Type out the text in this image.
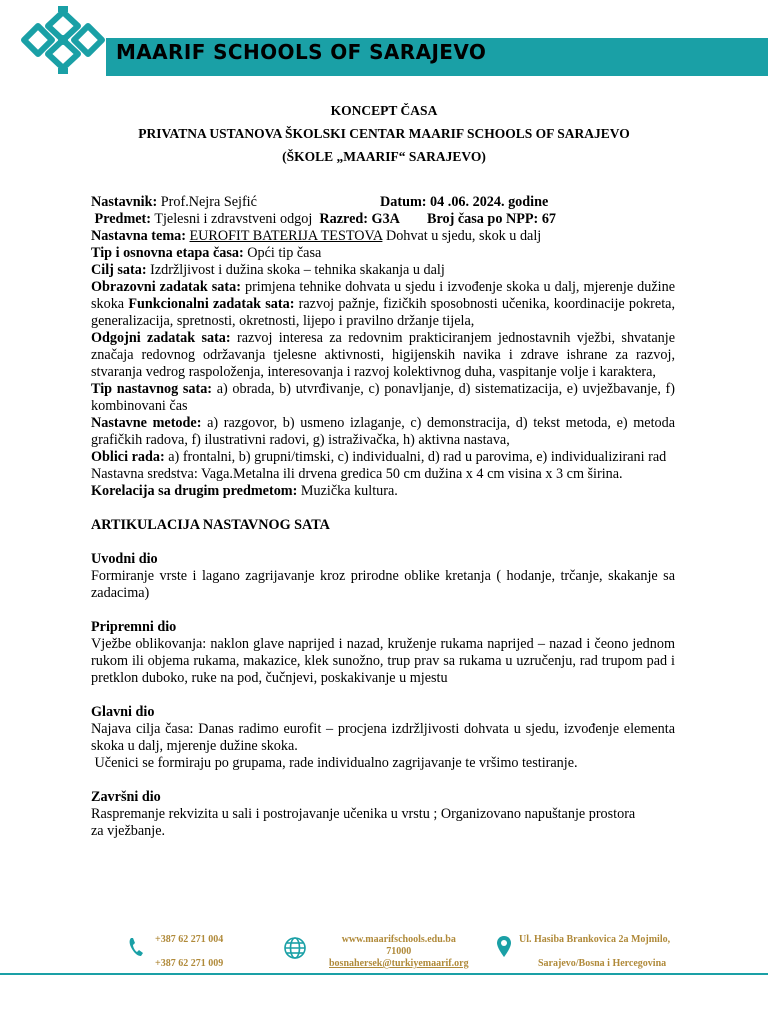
MAARIF SCHOOLS OF SARAJEVO
KONCEPT ČASA
PRIVATNA USTANOVA ŠKOLSKI CENTAR MAARIF SCHOOLS OF SARAJEVO
(ŠKOLE „MAARIF“ SARAJEVO)

Nastavnik: Prof.Nejra Sejfić	Datum: 04 .06. 2024. godine

Predmet: Tjelesni i zdravstveni odgoj Razred: G3A Broj časa po NPP: 67

Nastavna tema: EUROFIT BATERIJA TESTOVA Dohvat u sjedu, skok u dalj

Tip i osnovna etapa časa: Opći tip časa

Cilj sata: Izdržljivost i dužina skoka – tehnika skakanja u dalj

Obrazovni zadatak sata: primjena tehnike dohvata u sjedu i izvođenje skoka u dalj, mjerenje dužine skoka Funkcionalni zadatak sata: razvoj pažnje, fizičkih sposobnosti učenika, koordinacije pokreta, generalizacija, spretnosti, okretnosti, lijepo i pravilno držanje tijela,

Odgojni zadatak sata: razvoj interesa za redovnim prakticiranjem jednostavnih vježbi, shvatanje značaja redovnog održavanja tjelesne aktivnosti, higijenskih navika i zdrave ishrane za razvoj, stvaranja vedrog raspoloženja, interesovanja i razvoj kolektivnog duha, vaspitanje volje i karaktera,

Tip nastavnog sata: a) obrada, b) utvrđivanje, c) ponavljanje, d) sistematizacija, e) uvježbavanje, f) kombinovani čas

Nastavne metode: a) razgovor, b) usmeno izlaganje, c) demonstracija, d) tekst metoda, e) metoda grafičkih radova, f) ilustrativni radovi, g) istraživačka, h) aktivna nastava,

Oblici rada: a) frontalni, b) grupni/timski, c) individualni, d) rad u parovima, e) individualizirani rad

Nastavna sredstva: Vaga.Metalna ili drvena gredica 50 cm dužina x 4 cm visina x 3 cm širina.

Korelacija sa drugim predmetom: Muzička kultura.

ARTIKULACIJA NASTAVNOG SATA

Uvodni dio

Formiranje vrste i lagano zagrijavanje kroz prirodne oblike kretanja ( hodanje, trčanje, skakanje sa zadacima)

Pripremni dio

Vježbe oblikovanja: naklon glave naprijed i nazad, kruženje rukama naprijed – nazad i čeono jednom rukom ili objema rukama, makazice, klek sunožno, trup prav sa rukama u uzručenju, rad trupom pad i pretklon duboko, ruke na pod, čučnjevi, poskakivanje u mjestu

Glavni dio

Najava cilja časa: Danas radimo eurofit – procjena izdržljivosti dohvata u sjedu, izvođenje elementa skoka u dalj, mjerenje dužine skoka.

Učenici se formiraju po grupama, rade individualno zagrijavanje te vršimo testiranje.

Završni dio

Raspremanje rekvizita u sali i postrojavanje učenika u vrstu ; Organizovano napuštanje prostora za vježbanje.

+387 62 271 004
+387 62 271 009
www.maarifschools.edu.ba
71000
bosnahersek@turkiyemaarif.org
Ul. Hasiba Brankovica 2a Mojmilo,
Sarajevo/Bosna i Hercegovina
